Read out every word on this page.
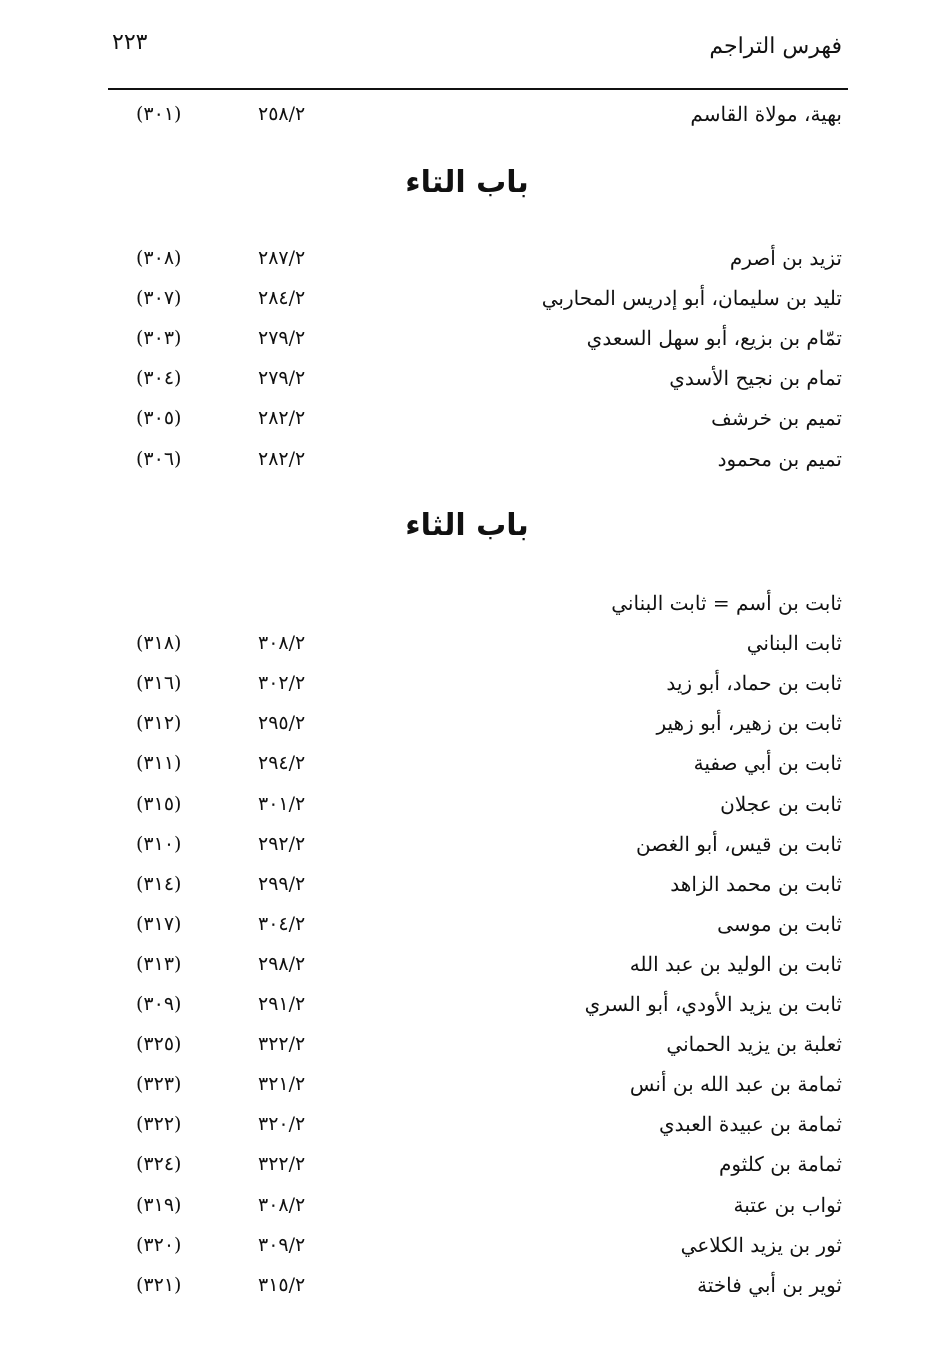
فهرس التراجم
٢٢٣
بهية، مولاة القاسم
٢٥٨/٢
(٣٠١)
باب التاء
تزيد بن أصرم
٢٨٧/٢
(٣٠٨)
تليد بن سليمان، أبو إدريس المحاربي
٢٨٤/٢
(٣٠٧)
تمّام بن بزيع، أبو سهل السعدي
٢٧٩/٢
(٣٠٣)
تمام بن نجيح الأسدي
٢٧٩/٢
(٣٠٤)
تميم بن خرشف
٢٨٢/٢
(٣٠٥)
تميم بن محمود
٢٨٢/٢
(٣٠٦)
باب الثاء
ثابت بن أسم = ثابت البناني
ثابت البناني
٣٠٨/٢
(٣١٨)
ثابت بن حماد، أبو زيد
٣٠٢/٢
(٣١٦)
ثابت بن زهير، أبو زهير
٢٩٥/٢
(٣١٢)
ثابت بن أبي صفية
٢٩٤/٢
(٣١١)
ثابت بن عجلان
٣٠١/٢
(٣١٥)
ثابت بن قيس، أبو الغصن
٢٩٢/٢
(٣١٠)
ثابت بن محمد الزاهد
٢٩٩/٢
(٣١٤)
ثابت بن موسى
٣٠٤/٢
(٣١٧)
ثابت بن الوليد بن عبد الله
٢٩٨/٢
(٣١٣)
ثابت بن يزيد الأودي، أبو السري
٢٩١/٢
(٣٠٩)
ثعلبة بن يزيد الحماني
٣٢٢/٢
(٣٢٥)
ثمامة بن عبد الله بن أنس
٣٢١/٢
(٣٢٣)
ثمامة بن عبيدة العبدي
٣٢٠/٢
(٣٢٢)
ثمامة بن كلثوم
٣٢٢/٢
(٣٢٤)
ثواب بن عتبة
٣٠٨/٢
(٣١٩)
ثور بن يزيد الكلاعي
٣٠٩/٢
(٣٢٠)
ثوير بن أبي فاختة
٣١٥/٢
(٣٢١)
